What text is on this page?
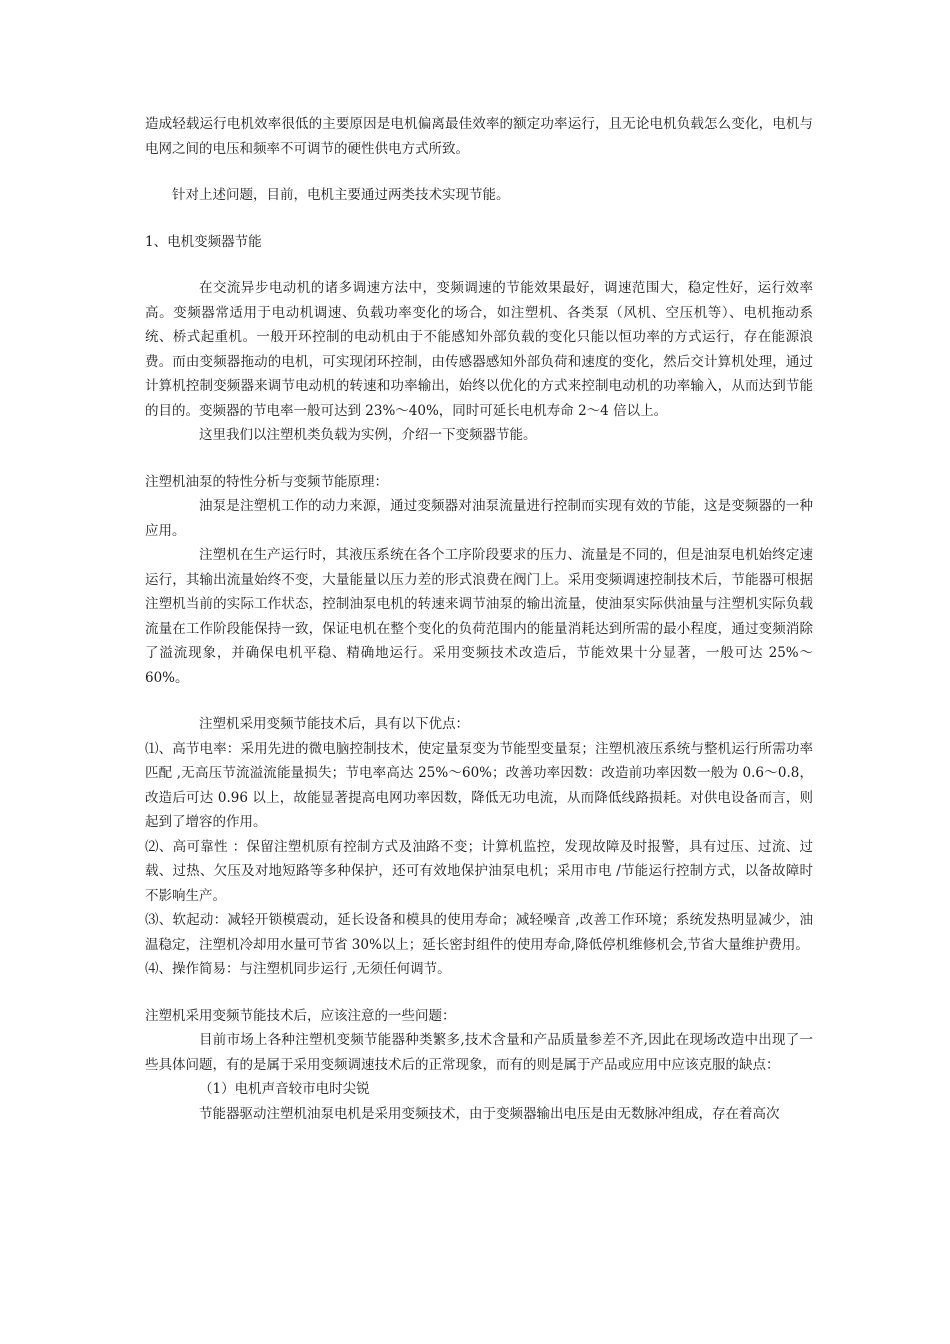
造成轻载运行电机效率很低的主要原因是电机偏离最佳效率的额定功率运行，且无论电机负载怎么变化，电机与电网之间的电压和频率不可调节的硬性供电方式所致。

针对上述问题，目前，电机主要通过两类技术实现节能。

1、电机变频器节能

在交流异步电动机的诸多调速方法中，变频调速的节能效果最好，调速范围大，稳定性好，运行效率高。变频器常适用于电动机调速、负载功率变化的场合，如注塑机、各类泵（风机、空压机等）、电机拖动系统、桥式起重机。一般开环控制的电动机由于不能感知外部负载的变化只能以恒功率的方式运行，存在能源浪费。而由变频器拖动的电机，可实现闭环控制，由传感器感知外部负荷和速度的变化，然后交计算机处理，通过计算机控制变频器来调节电动机的转速和功率输出，始终以优化的方式来控制电动机的功率输入，从而达到节能的目的。变频器的节电率一般可达到 23%～40%，同时可延长电机寿命 2～4 倍以上。

这里我们以注塑机类负载为实例，介绍一下变频器节能。

注塑机油泵的特性分析与变频节能原理：

油泵是注塑机工作的动力来源，通过变频器对油泵流量进行控制而实现有效的节能，这是变频器的一种应用。

注塑机在生产运行时，其液压系统在各个工序阶段要求的压力、流量是不同的，但是油泵电机始终定速运行，其输出流量始终不变，大量能量以压力差的形式浪费在阀门上。采用变频调速控制技术后，节能器可根据注塑机当前的实际工作状态，控制油泵电机的转速来调节油泵的输出流量，使油泵实际供油量与注塑机实际负载流量在工作阶段能保持一致，保证电机在整个变化的负荷范围内的能量消耗达到所需的最小程度，通过变频消除了溢流现象，并确保电机平稳、精确地运行。采用变频技术改造后，节能效果十分显著，一般可达 25%～60%。

注塑机采用变频节能技术后，具有以下优点：

⑴、高节电率：采用先进的微电脑控制技术，使定量泵变为节能型变量泵；注塑机液压系统与整机运行所需功率匹配 ,无高压节流溢流能量损失；节电率高达 25%～60%；改善功率因数：改造前功率因数一般为 0.6～0.8，改造后可达 0.96 以上，故能显著提高电网功率因数，降低无功电流，从而降低线路损耗。对供电设备而言，则起到了增容的作用。

⑵、高可靠性 ：保留注塑机原有控制方式及油路不变；计算机监控，发现故障及时报警，具有过压、过流、过载、过热、欠压及对地短路等多种保护，还可有效地保护油泵电机；采用市电 /节能运行控制方式，以备故障时不影响生产。

⑶、软起动：减轻开锁模震动，延长设备和模具的使用寿命；减轻噪音 ,改善工作环境；系统发热明显减少，油温稳定，注塑机冷却用水量可节省 30%以上；延长密封组件的使用寿命,降低停机维修机会,节省大量维护费用。

⑷、操作简易：与注塑机同步运行 ,无须任何调节。

注塑机采用变频节能技术后，应该注意的一些问题：

目前市场上各种注塑机变频节能器种类繁多,技术含量和产品质量参差不齐,因此在现场改造中出现了一些具体问题，有的是属于采用变频调速技术后的正常现象，而有的则是属于产品或应用中应该克服的缺点：

（1）电机声音较市电时尖锐

节能器驱动注塑机油泵电机是采用变频技术，由于变频器输出电压是由无数脉冲组成，存在着高次
